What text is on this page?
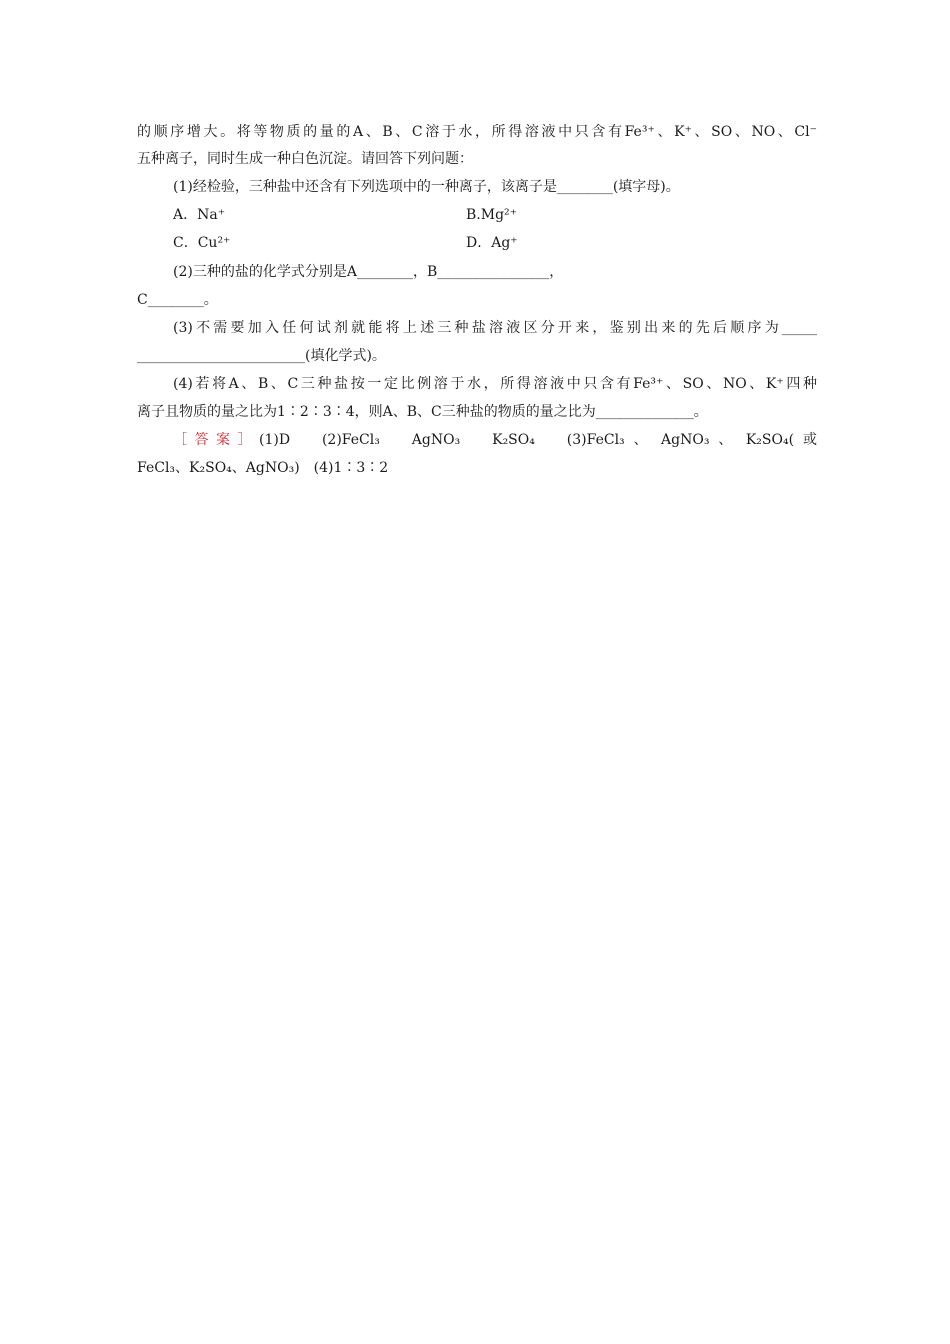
的顺序增大。将等物质的量的A、B、C溶于水，所得溶液中只含有Fe³⁺、K⁺、SO、NO、Cl⁻
五种离子，同时生成一种白色沉淀。请回答下列问题：
(1)经检验，三种盐中还含有下列选项中的一种离子，该离子是________(填字母)。
A．Na⁺	B.Mg²⁺
C．Cu²⁺	D．Ag⁺
(2)三种的盐的化学式分别是A________，B________________，
C________。
(3)不需要加入任何试剂就能将上述三种盐溶液区分开来，鉴别出来的先后顺序为_____
________________________(填化学式)。
(4)若将A、B、C三种盐按一定比例溶于水，所得溶液中只含有Fe³⁺、SO、NO、K⁺四种
离子且物质的量之比为1∶2∶3∶4，则A、B、C三种盐的物质的量之比为______________。
［答案］(1)D　 (2)FeCl₃　 AgNO₃　 K₂SO₄　 (3)FeCl₃ 、 AgNO₃ 、 K₂SO₄( 或
FeCl₃、K₂SO₄、AgNO₃)　(4)1∶3∶2
